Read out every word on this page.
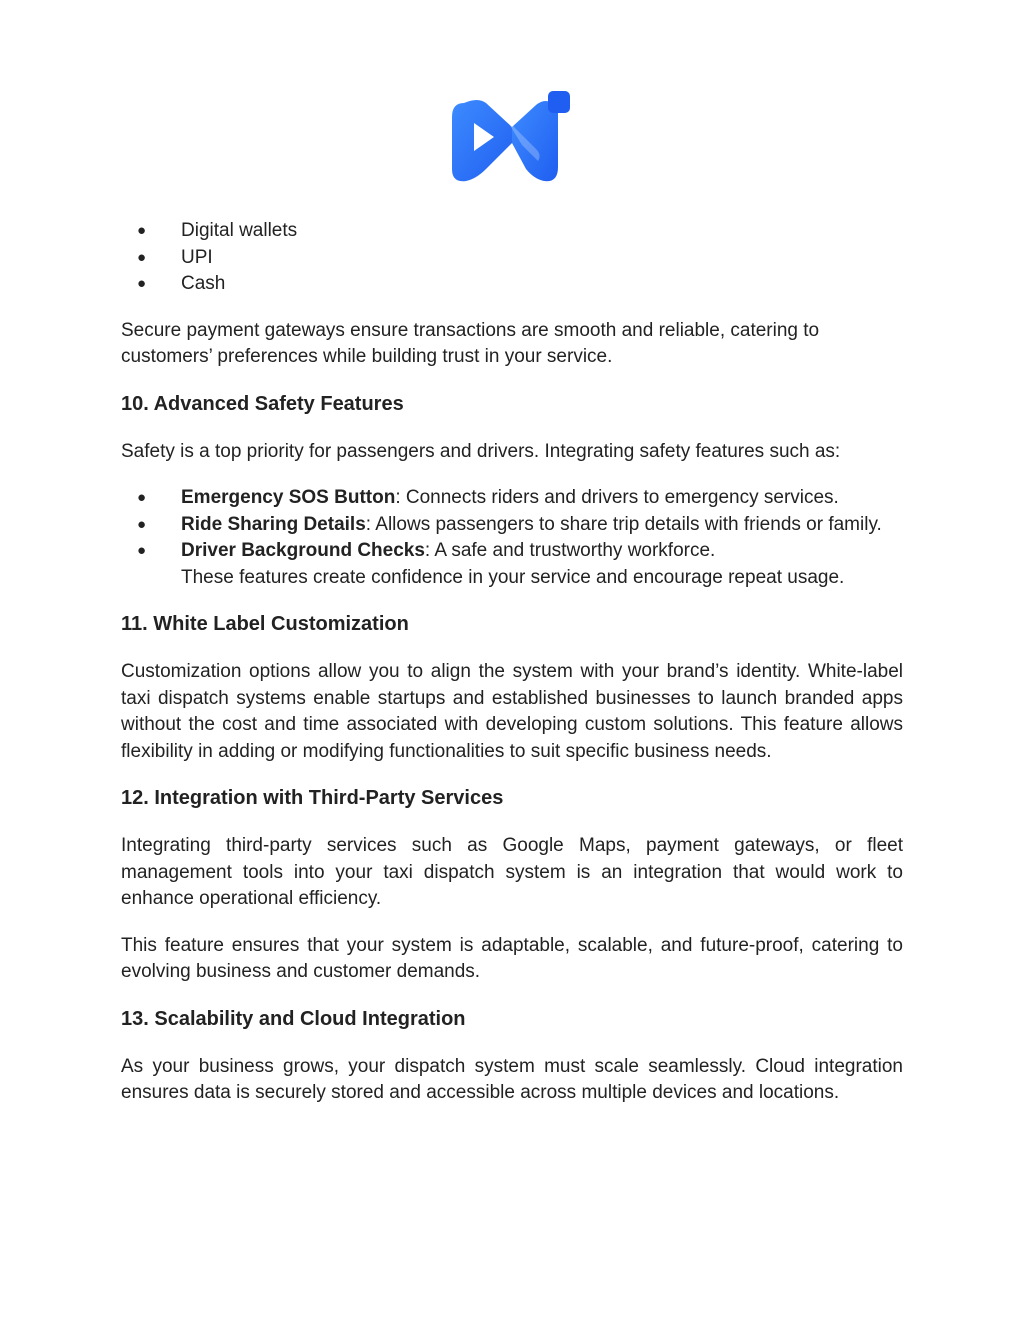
● Digital wallets
● UPI
● Cash

Secure payment gateways ensure transactions are smooth and reliable, catering to customers’ preferences while building trust in your service.

10. Advanced Safety Features

Safety is a top priority for passengers and drivers. Integrating safety features such as:

● Emergency SOS Button: Connects riders and drivers to emergency services.
● Ride Sharing Details: Allows passengers to share trip details with friends or family.
● Driver Background Checks: A safe and trustworthy workforce.
These features create confidence in your service and encourage repeat usage.
11. White Label Customization

Customization options allow you to align the system with your brand’s identity. White-label taxi dispatch systems enable startups and established businesses to launch branded apps without the cost and time associated with developing custom solutions. This feature allows flexibility in adding or modifying functionalities to suit specific business needs.

12. Integration with Third-Party Services

Integrating third-party services such as Google Maps, payment gateways, or fleet management tools into your taxi dispatch system is an integration that would work to enhance operational efficiency.

This feature ensures that your system is adaptable, scalable, and future-proof, catering to evolving business and customer demands.

13. Scalability and Cloud Integration

As your business grows, your dispatch system must scale seamlessly. Cloud integration ensures data is securely stored and accessible across multiple devices and locations.
